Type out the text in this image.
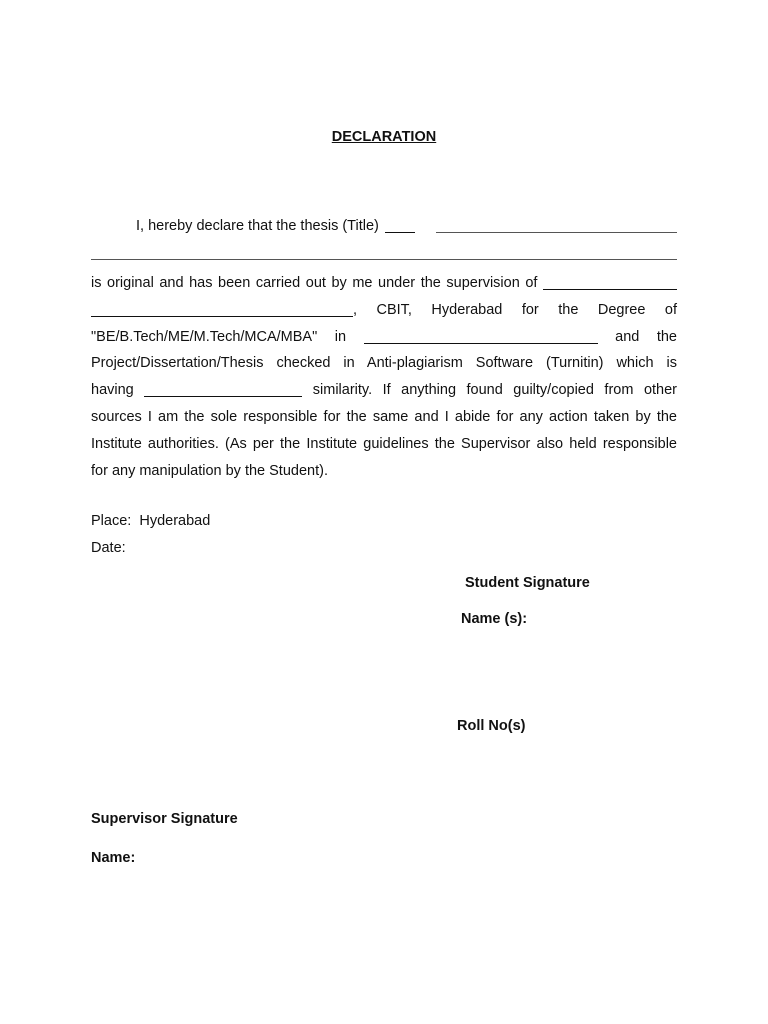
DECLARATION
I, hereby declare that the thesis (Title)
is original and has been carried out by me under the supervision of
, CBIT, Hyderabad for the Degree of
"BE/B.Tech/ME/M.Tech/MCA/MBA" in	and the
Project/Dissertation/Thesis checked in Anti-plagiarism Software (Turnitin) which is
having	similarity. If anything found guilty/copied from other
sources I am the sole responsible for the same and I abide for any action taken by the
Institute authorities. (As per the Institute guidelines the Supervisor also held responsible
for any manipulation by the Student).
Place: Hyderabad
Date:
Student Signature
Name (s):
Roll No(s)
Supervisor Signature
Name:
